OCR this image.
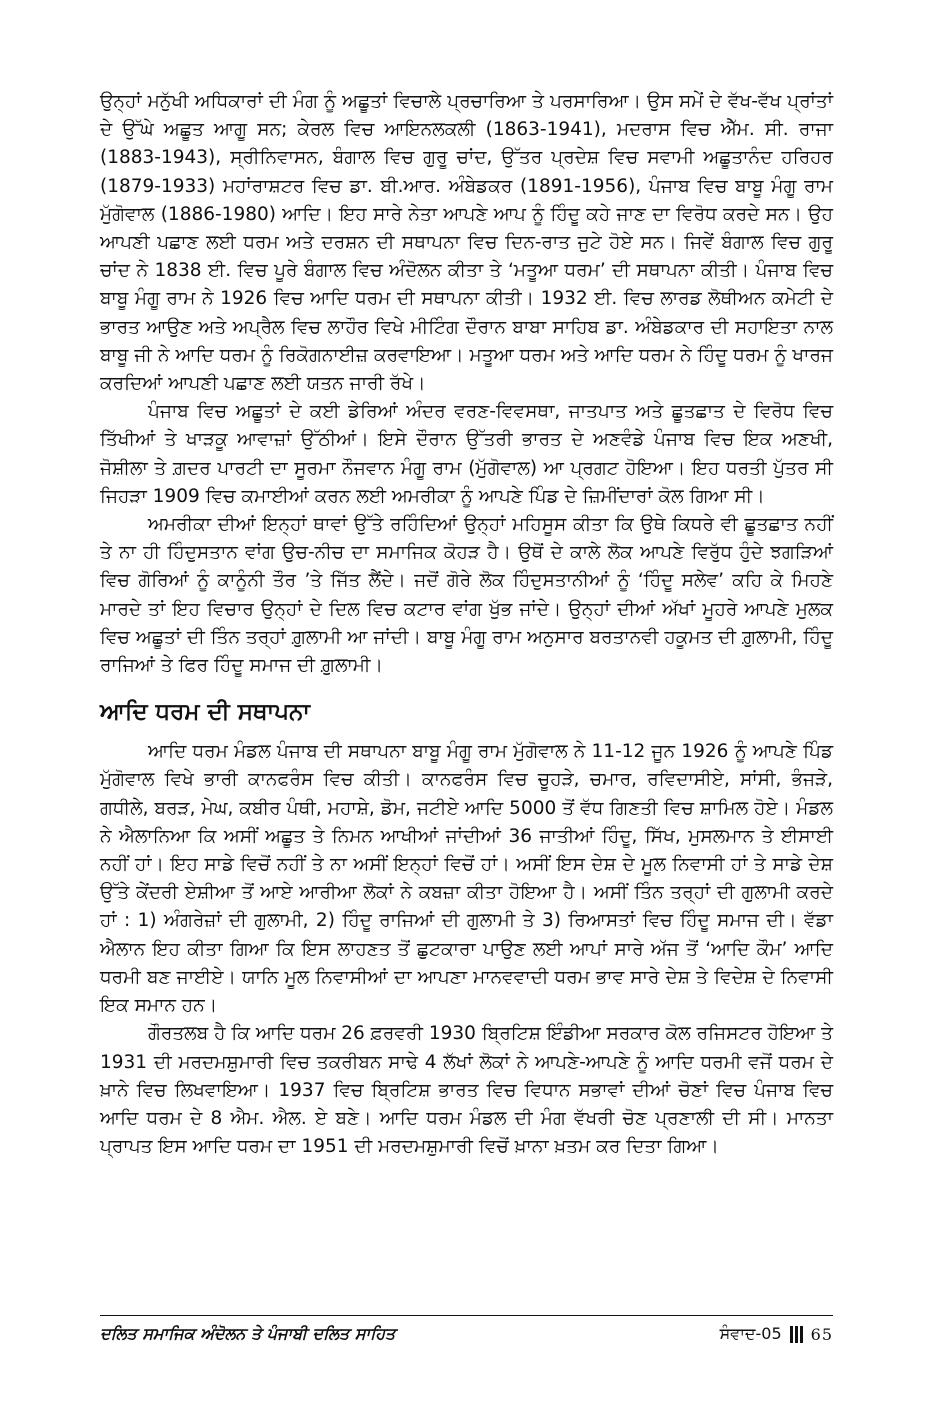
ਉਨ੍ਹਾਂ ਮਨੁੱਖੀ ਅਧਿਕਾਰਾਂ ਦੀ ਮੰਗ ਨੂੰ ਅਛੂਤਾਂ ਵਿਚਾਲੇ ਪ੍ਰਚਾਰਿਆ ਤੇ ਪਰਸਾਰਿਆ। ਉਸ ਸਮੇਂ ਦੇ ਵੱਖ-ਵੱਖ ਪ੍ਰਾਂਤਾਂ ਦੇ ਉੱਘੇ ਅਛੂਤ ਆਗੂ ਸਨ; ਕੇਰਲ ਵਿਚ ਆਇਨਲਕਲੀ (1863-1941), ਮਦਰਾਸ ਵਿਚ ਐੱਮ. ਸੀ. ਰਾਜਾ (1883-1943), ਸ੍ਰੀਨਿਵਾਸਨ, ਬੰਗਾਲ ਵਿਚ ਗੁਰੂ ਚਾਂਦ, ਉੱਤਰ ਪ੍ਰਦੇਸ਼ ਵਿਚ ਸਵਾਮੀ ਅਛੂਤਾਨੰਦ ਹਰਿਹਰ (1879-1933) ਮਹਾਂਰਾਸ਼ਟਰ ਵਿਚ ਡਾ. ਬੀ.ਆਰ. ਅੰਬੇਡਕਰ (1891-1956), ਪੰਜਾਬ ਵਿਚ ਬਾਬੂ ਮੰਗੂ ਰਾਮ ਮੁੱਗੋਵਾਲ (1886-1980) ਆਦਿ। ਇਹ ਸਾਰੇ ਨੇਤਾ ਆਪਣੇ ਆਪ ਨੂੰ ਹਿੰਦੂ ਕਹੇ ਜਾਣ ਦਾ ਵਿਰੋਧ ਕਰਦੇ ਸਨ। ਉਹ ਆਪਣੀ ਪਛਾਣ ਲਈ ਧਰਮ ਅਤੇ ਦਰਸ਼ਨ ਦੀ ਸਥਾਪਨਾ ਵਿਚ ਦਿਨ-ਰਾਤ ਜੁਟੇ ਹੋਏ ਸਨ। ਜਿਵੇਂ ਬੰਗਾਲ ਵਿਚ ਗੁਰੂ ਚਾਂਦ ਨੇ 1838 ਈ. ਵਿਚ ਪੂਰੇ ਬੰਗਾਲ ਵਿਚ ਅੰਦੋਲਨ ਕੀਤਾ ਤੇ ‘ਮਤੂਆ ਧਰਮ’ ਦੀ ਸਥਾਪਨਾ ਕੀਤੀ। ਪੰਜਾਬ ਵਿਚ ਬਾਬੂ ਮੰਗੂ ਰਾਮ ਨੇ 1926 ਵਿਚ ਆਦਿ ਧਰਮ ਦੀ ਸਥਾਪਨਾ ਕੀਤੀ। 1932 ਈ. ਵਿਚ ਲਾਰਡ ਲੋਥੀਅਨ ਕਮੇਟੀ ਦੇ ਭਾਰਤ ਆਉਣ ਅਤੇ ਅਪ੍ਰੈਲ ਵਿਚ ਲਾਹੌਰ ਵਿਖੇ ਮੀਟਿੰਗ ਦੌਰਾਨ ਬਾਬਾ ਸਾਹਿਬ ਡਾ. ਅੰਬੇਡਕਾਰ ਦੀ ਸਹਾਇਤਾ ਨਾਲ ਬਾਬੂ ਜੀ ਨੇ ਆਦਿ ਧਰਮ ਨੂੰ ਰਿਕੋਗਨਾਈਜ਼ ਕਰਵਾਇਆ। ਮਤੂਆ ਧਰਮ ਅਤੇ ਆਦਿ ਧਰਮ ਨੇ ਹਿੰਦੂ ਧਰਮ ਨੂੰ ਖਾਰਜ ਕਰਦਿਆਂ ਆਪਣੀ ਪਛਾਣ ਲਈ ਯਤਨ ਜਾਰੀ ਰੱਖੇ।

ਪੰਜਾਬ ਵਿਚ ਅਛੂਤਾਂ ਦੇ ਕਈ ਡੇਰਿਆਂ ਅੰਦਰ ਵਰਣ-ਵਿਵਸਥਾ, ਜਾਤਪਾਤ ਅਤੇ ਛੂਤਛਾਤ ਦੇ ਵਿਰੋਧ ਵਿਚ ਤਿੱਖੀਆਂ ਤੇ ਖਾੜਕੂ ਆਵਾਜ਼ਾਂ ਉੱਠੀਆਂ। ਇਸੇ ਦੌਰਾਨ ਉੱਤਰੀ ਭਾਰਤ ਦੇ ਅਣਵੰਡੇ ਪੰਜਾਬ ਵਿਚ ਇਕ ਅਣਖੀ, ਜੋਸ਼ੀਲਾ ਤੇ ਗ਼ਦਰ ਪਾਰਟੀ ਦਾ ਸੂਰਮਾ ਨੌਜਵਾਨ ਮੰਗੂ ਰਾਮ (ਮੁੱਗੋਵਾਲ) ਆ ਪ੍ਰਗਟ ਹੋਇਆ। ਇਹ ਧਰਤੀ ਪੁੱਤਰ ਸੀ ਜਿਹੜਾ 1909 ਵਿਚ ਕਮਾਈਆਂ ਕਰਨ ਲਈ ਅਮਰੀਕਾ ਨੂੰ ਆਪਣੇ ਪਿੰਡ ਦੇ ਜ਼ਿਮੀਂਦਾਰਾਂ ਕੋਲ ਗਿਆ ਸੀ।

ਅਮਰੀਕਾ ਦੀਆਂ ਇਨ੍ਹਾਂ ਥਾਵਾਂ ਉੱਤੇ ਰਹਿੰਦਿਆਂ ਉਨ੍ਹਾਂ ਮਹਿਸੂਸ ਕੀਤਾ ਕਿ ਉਥੇ ਕਿਧਰੇ ਵੀ ਛੂਤਛਾਤ ਨਹੀਂ ਤੇ ਨਾ ਹੀ ਹਿੰਦੁਸਤਾਨ ਵਾਂਗ ਉਚ-ਨੀਚ ਦਾ ਸਮਾਜਿਕ ਕੋਹੜ ਹੈ। ਉਥੋਂ ਦੇ ਕਾਲੇ ਲੋਕ ਆਪਣੇ ਵਿਰੁੱਧ ਹੁੰਦੇ ਝਗੜਿਆਂ ਵਿਚ ਗੋਰਿਆਂ ਨੂੰ ਕਾਨੂੰਨੀ ਤੌਰ ’ਤੇ ਜਿੱਤ ਲੈਂਦੇ। ਜਦੋਂ ਗੋਰੇ ਲੋਕ ਹਿੰਦੁਸਤਾਨੀਆਂ ਨੂੰ ‘ਹਿੰਦੂ ਸਲੇਵ’ ਕਹਿ ਕੇ ਮਿਹਣੇ ਮਾਰਦੇ ਤਾਂ ਇਹ ਵਿਚਾਰ ਉਨ੍ਹਾਂ ਦੇ ਦਿਲ ਵਿਚ ਕਟਾਰ ਵਾਂਗ ਖੁੱਭ ਜਾਂਦੇ। ਉਨ੍ਹਾਂ ਦੀਆਂ ਅੱਖਾਂ ਮੂਹਰੇ ਆਪਣੇ ਮੁਲਕ ਵਿਚ ਅਛੂਤਾਂ ਦੀ ਤਿੰਨ ਤਰ੍ਹਾਂ ਗ਼ੁਲਾਮੀ ਆ ਜਾਂਦੀ। ਬਾਬੂ ਮੰਗੂ ਰਾਮ ਅਨੁਸਾਰ ਬਰਤਾਨਵੀ ਹਕੂਮਤ ਦੀ ਗ਼ੁਲਾਮੀ, ਹਿੰਦੂ ਰਾਜਿਆਂ ਤੇ ਫਿਰ ਹਿੰਦੂ ਸਮਾਜ ਦੀ ਗ਼ੁਲਾਮੀ।

ਆਦਿ ਧਰਮ ਦੀ ਸਥਾਪਨਾ

ਆਦਿ ਧਰਮ ਮੰਡਲ ਪੰਜਾਬ ਦੀ ਸਥਾਪਨਾ ਬਾਬੂ ਮੰਗੂ ਰਾਮ ਮੁੱਗੋਵਾਲ ਨੇ 11-12 ਜੂਨ 1926 ਨੂੰ ਆਪਣੇ ਪਿੰਡ ਮੁੱਗੋਵਾਲ ਵਿਖੇ ਭਾਰੀ ਕਾਨਫਰੰਸ ਵਿਚ ਕੀਤੀ। ਕਾਨਫਰੰਸ ਵਿਚ ਚੂਹੜੇ, ਚਮਾਰ, ਰਵਿਦਾਸੀਏ, ਸਾਂਸੀ, ਭੰਜੜੇ, ਗਧੀਲੇ, ਬਰੜ, ਮੇਘ, ਕਬੀਰ ਪੰਥੀ, ਮਹਾਸ਼ੇ, ਡੋਮ, ਜਟੀਏ ਆਦਿ 5000 ਤੋਂ ਵੱਧ ਗਿਣਤੀ ਵਿਚ ਸ਼ਾਮਿਲ ਹੋਏ। ਮੰਡਲ ਨੇ ਐਲਾਨਿਆ ਕਿ ਅਸੀਂ ਅਛੂਤ ਤੇ ਨਿਮਨ ਆਖੀਆਂ ਜਾਂਦੀਆਂ 36 ਜਾਤੀਆਂ ਹਿੰਦੂ, ਸਿੱਖ, ਮੁਸਲਮਾਨ ਤੇ ਈਸਾਈ ਨਹੀਂ ਹਾਂ। ਇਹ ਸਾਡੇ ਵਿਚੋਂ ਨਹੀਂ ਤੇ ਨਾ ਅਸੀਂ ਇਨ੍ਹਾਂ ਵਿਚੋਂ ਹਾਂ। ਅਸੀਂ ਇਸ ਦੇਸ਼ ਦੇ ਮੂਲ ਨਿਵਾਸੀ ਹਾਂ ਤੇ ਸਾਡੇ ਦੇਸ਼ ਉੱਤੇ ਕੇਂਦਰੀ ਏਸ਼ੀਆ ਤੋਂ ਆਏ ਆਰੀਆ ਲੋਕਾਂ ਨੇ ਕਬਜ਼ਾ ਕੀਤਾ ਹੋਇਆ ਹੈ। ਅਸੀਂ ਤਿੰਨ ਤਰ੍ਹਾਂ ਦੀ ਗੁਲਾਮੀ ਕਰਦੇ ਹਾਂ : 1) ਅੰਗਰੇਜ਼ਾਂ ਦੀ ਗੁਲਾਮੀ, 2) ਹਿੰਦੂ ਰਾਜਿਆਂ ਦੀ ਗੁਲਾਮੀ ਤੇ 3) ਰਿਆਸਤਾਂ ਵਿਚ ਹਿੰਦੂ ਸਮਾਜ ਦੀ। ਵੱਡਾ ਐਲਾਨ ਇਹ ਕੀਤਾ ਗਿਆ ਕਿ ਇਸ ਲਾਹਣਤ ਤੋਂ ਛੁਟਕਾਰਾ ਪਾਉਣ ਲਈ ਆਪਾਂ ਸਾਰੇ ਅੱਜ ਤੋਂ ‘ਆਦਿ ਕੌਮ’ ਆਦਿ ਧਰਮੀ ਬਣ ਜਾਈਏ। ਯਾਨਿ ਮੂਲ ਨਿਵਾਸੀਆਂ ਦਾ ਆਪਣਾ ਮਾਨਵਵਾਦੀ ਧਰਮ ਭਾਵ ਸਾਰੇ ਦੇਸ਼ ਤੇ ਵਿਦੇਸ਼ ਦੇ ਨਿਵਾਸੀ ਇਕ ਸਮਾਨ ਹਨ।

ਗੌਰਤਲਬ ਹੈ ਕਿ ਆਦਿ ਧਰਮ 26 ਫ਼ਰਵਰੀ 1930 ਬ੍ਰਿਟਿਸ਼ ਇੰਡੀਆ ਸਰਕਾਰ ਕੋਲ ਰਜਿਸਟਰ ਹੋਇਆ ਤੇ 1931 ਦੀ ਮਰਦਮਸ਼ੁਮਾਰੀ ਵਿਚ ਤਕਰੀਬਨ ਸਾਢੇ 4 ਲੱਖਾਂ ਲੋਕਾਂ ਨੇ ਆਪਣੇ-ਆਪਣੇ ਨੂੰ ਆਦਿ ਧਰਮੀ ਵਜੋਂ ਧਰਮ ਦੇ ਖ਼ਾਨੇ ਵਿਚ ਲਿਖਵਾਇਆ। 1937 ਵਿਚ ਬ੍ਰਿਟਿਸ਼ ਭਾਰਤ ਵਿਚ ਵਿਧਾਨ ਸਭਾਵਾਂ ਦੀਆਂ ਚੋਣਾਂ ਵਿਚ ਪੰਜਾਬ ਵਿਚ ਆਦਿ ਧਰਮ ਦੇ 8 ਐਮ. ਐਲ. ਏ ਬਣੇ। ਆਦਿ ਧਰਮ ਮੰਡਲ ਦੀ ਮੰਗ ਵੱਖਰੀ ਚੋਣ ਪ੍ਰਣਾਲੀ ਦੀ ਸੀ। ਮਾਨਤਾ ਪ੍ਰਾਪਤ ਇਸ ਆਦਿ ਧਰਮ ਦਾ 1951 ਦੀ ਮਰਦਮਸ਼ੁਮਾਰੀ ਵਿਚੋਂ ਖ਼ਾਨਾ ਖ਼ਤਮ ਕਰ ਦਿਤਾ ਗਿਆ।

ਦਲਿਤ ਸਮਾਜਿਕ ਅੰਦੋਲਨ ਤੇ ਪੰਜਾਬੀ ਦਲਿਤ ਸਾਹਿਤ	ਸੰਵਾਦ-05 65
